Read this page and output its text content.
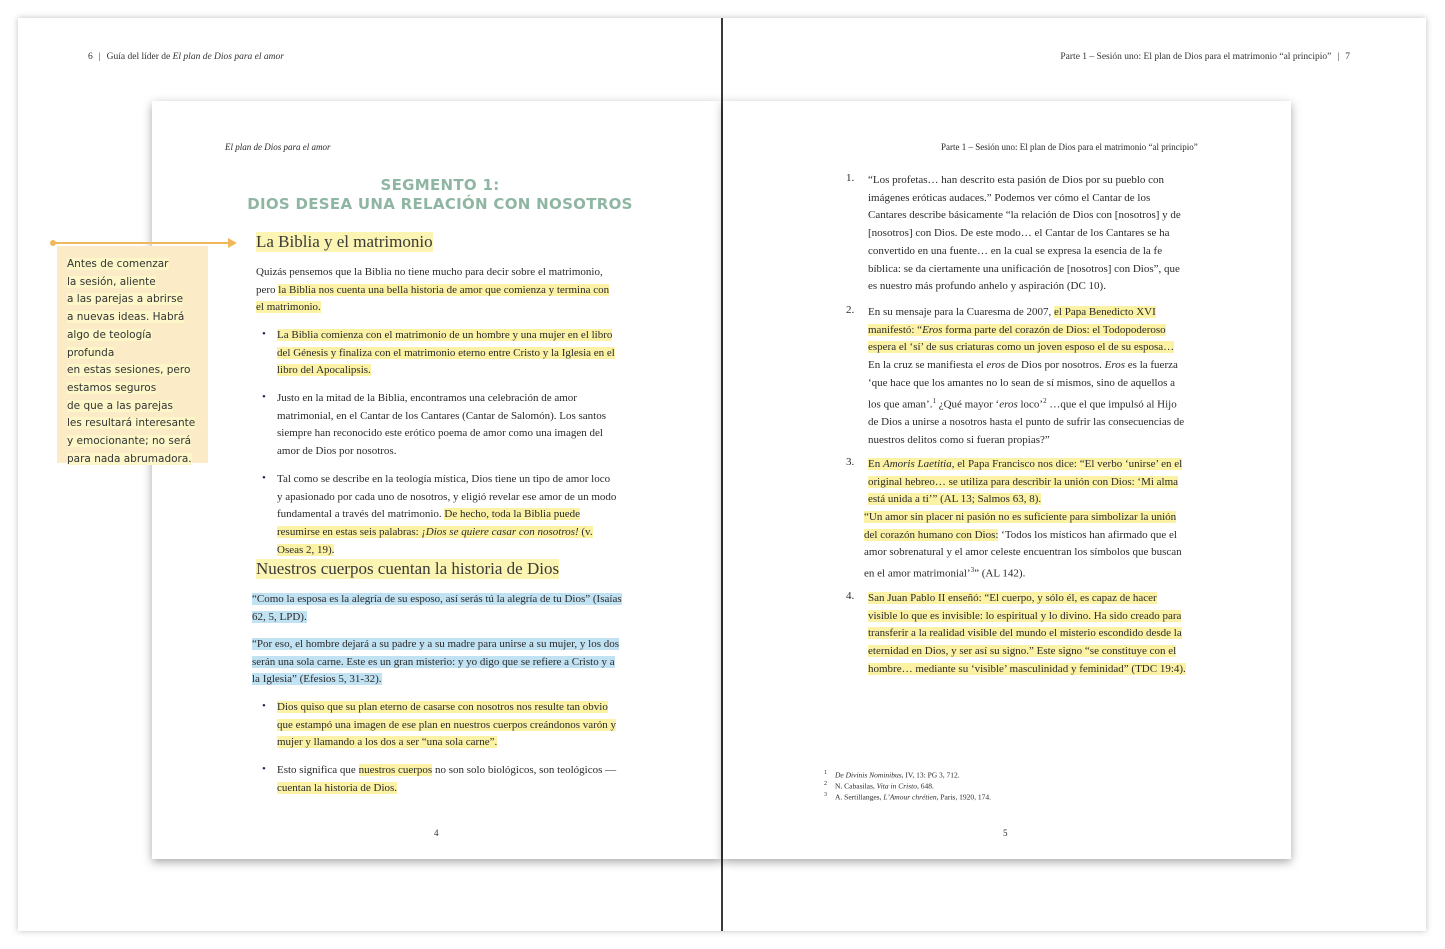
6 | Guía del líder de El plan de Dios para el amor	Parte 1 – Sesión uno: El plan de Dios para el matrimonio “al principio” | 7
El plan de Dios para el amor
SEGMENTO 1:
DIOS DESEA UNA RELACIÓN CON NOSOTROS
La Biblia y el matrimonio
Quizás pensemos que la Biblia no tiene mucho para decir sobre el matrimonio, pero la Biblia nos cuenta una bella historia de amor que comienza y termina con el matrimonio.
• La Biblia comienza con el matrimonio de un hombre y una mujer en el libro del Génesis y finaliza con el matrimonio eterno entre Cristo y la Iglesia en el libro del Apocalipsis.
• Justo en la mitad de la Biblia, encontramos una celebración de amor matrimonial, en el Cantar de los Cantares (Cantar de Salomón). Los santos siempre han reconocido este erótico poema de amor como una imagen del amor de Dios por nosotros.
• Tal como se describe en la teología mística, Dios tiene un tipo de amor loco y apasionado por cada uno de nosotros, y eligió revelar ese amor de un modo fundamental a través del matrimonio. De hecho, toda la Biblia puede resumirse en estas seis palabras: ¡Dios se quiere casar con nosotros! (v. Oseas 2, 19).
Nuestros cuerpos cuentan la historia de Dios
“Como la esposa es la alegría de su esposo, así serás tú la alegría de tu Dios” (Isaías 62, 5, LPD).
“Por eso, el hombre dejará a su padre y a su madre para unirse a su mujer, y los dos serán una sola carne. Este es un gran misterio: y yo digo que se refiere a Cristo y a la Iglesia” (Efesios 5, 31-32).
• Dios quiso que su plan eterno de casarse con nosotros nos resulte tan obvio que estampó una imagen de ese plan en nuestros cuerpos creándonos varón y mujer y llamando a los dos a ser “una sola carne”.
• Esto significa que nuestros cuerpos no son solo biológicos, son teológicos —cuentan la historia de Dios.
4
Antes de comenzar
la sesión, aliente
a las parejas a abrirse
a nuevas ideas. Habrá
algo de teología profunda
en estas sesiones, pero
estamos seguros
de que a las parejas
les resultará interesante
y emocionante; no será
para nada abrumadora.
Parte 1 – Sesión uno: El plan de Dios para el matrimonio “al principio”
1. “Los profetas… han descrito esta pasión de Dios por su pueblo con imágenes eróticas audaces.” Podemos ver cómo el Cantar de los Cantares describe básicamente “la relación de Dios con [nosotros] y de [nosotros] con Dios. De este modo… el Cantar de los Cantares se ha convertido en una fuente… en la cual se expresa la esencia de la fe bíblica: se da ciertamente una unificación de [nosotros] con Dios”, que es nuestro más profundo anhelo y aspiración (DC 10).
2. En su mensaje para la Cuaresma de 2007, el Papa Benedicto XVI manifestó: “Eros forma parte del corazón de Dios: el Todopoderoso espera el ‘sí’ de sus criaturas como un joven esposo el de su esposa… En la cruz se manifiesta el eros de Dios por nosotros. Eros es la fuerza ‘que hace que los amantes no lo sean de sí mismos, sino de aquellos a los que aman’.$^1$ ¿Qué mayor ‘eros loco’$^2$ …que el que impulsó al Hijo de Dios a unirse a nosotros hasta el punto de sufrir las consecuencias de nuestros delitos como si fueran propias?”
3. En Amoris Laetitia, el Papa Francisco nos dice: “El verbo ‘unirse’ en el original hebreo… se utiliza para describir la unión con Dios: ‘Mi alma está unida a ti’” (AL 13; Salmos 63, 8).
“Un amor sin placer ni pasión no es suficiente para simbolizar la unión del corazón humano con Dios: ‘Todos los místicos han afirmado que el amor sobrenatural y el amor celeste encuentran los símbolos que buscan en el amor matrimonial’$^3$” (AL 142).
4. San Juan Pablo II enseñó: “El cuerpo, y sólo él, es capaz de hacer visible lo que es invisible: lo espiritual y lo divino. Ha sido creado para transferir a la realidad visible del mundo el misterio escondido desde la eternidad en Dios, y ser así su signo.” Este signo “se constituye con el hombre… mediante su ‘visible’ masculinidad y feminidad” (TDC 19:4).
$^1$ De Divinis Nominibus, IV, 13: PG 3, 712.
$^2$ N. Cabasilas, Vita in Cristo, 648.
$^3$ A. Sertillanges, L’Amour chrétien, Paris, 1920, 174.
5
